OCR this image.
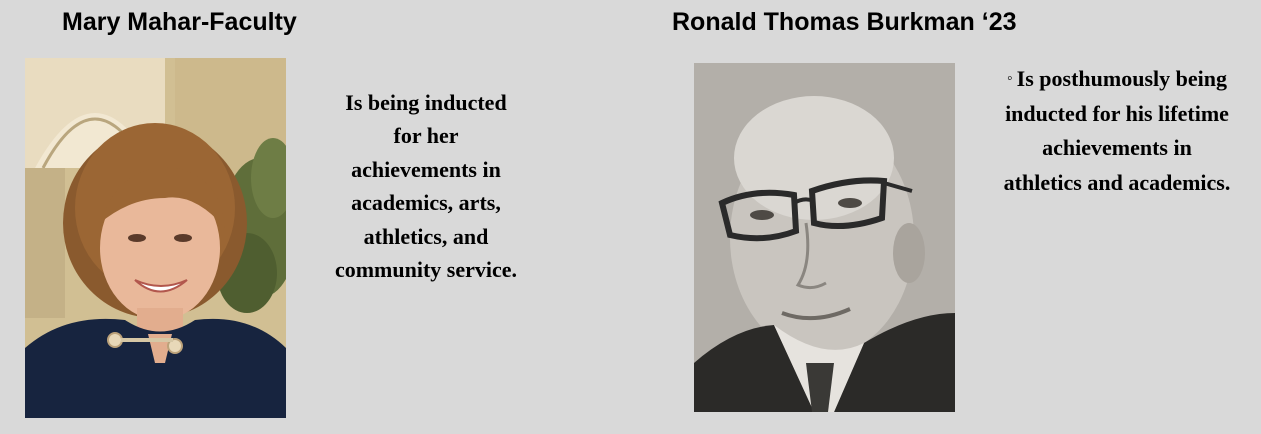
Mary Mahar-Faculty
Is being inducted
for her
achievements in
academics, arts,
athletics, and
community service.
Ronald Thomas Burkman ‘23
◦ Is posthumously being
inducted for his lifetime
achievements in
athletics and academics.
